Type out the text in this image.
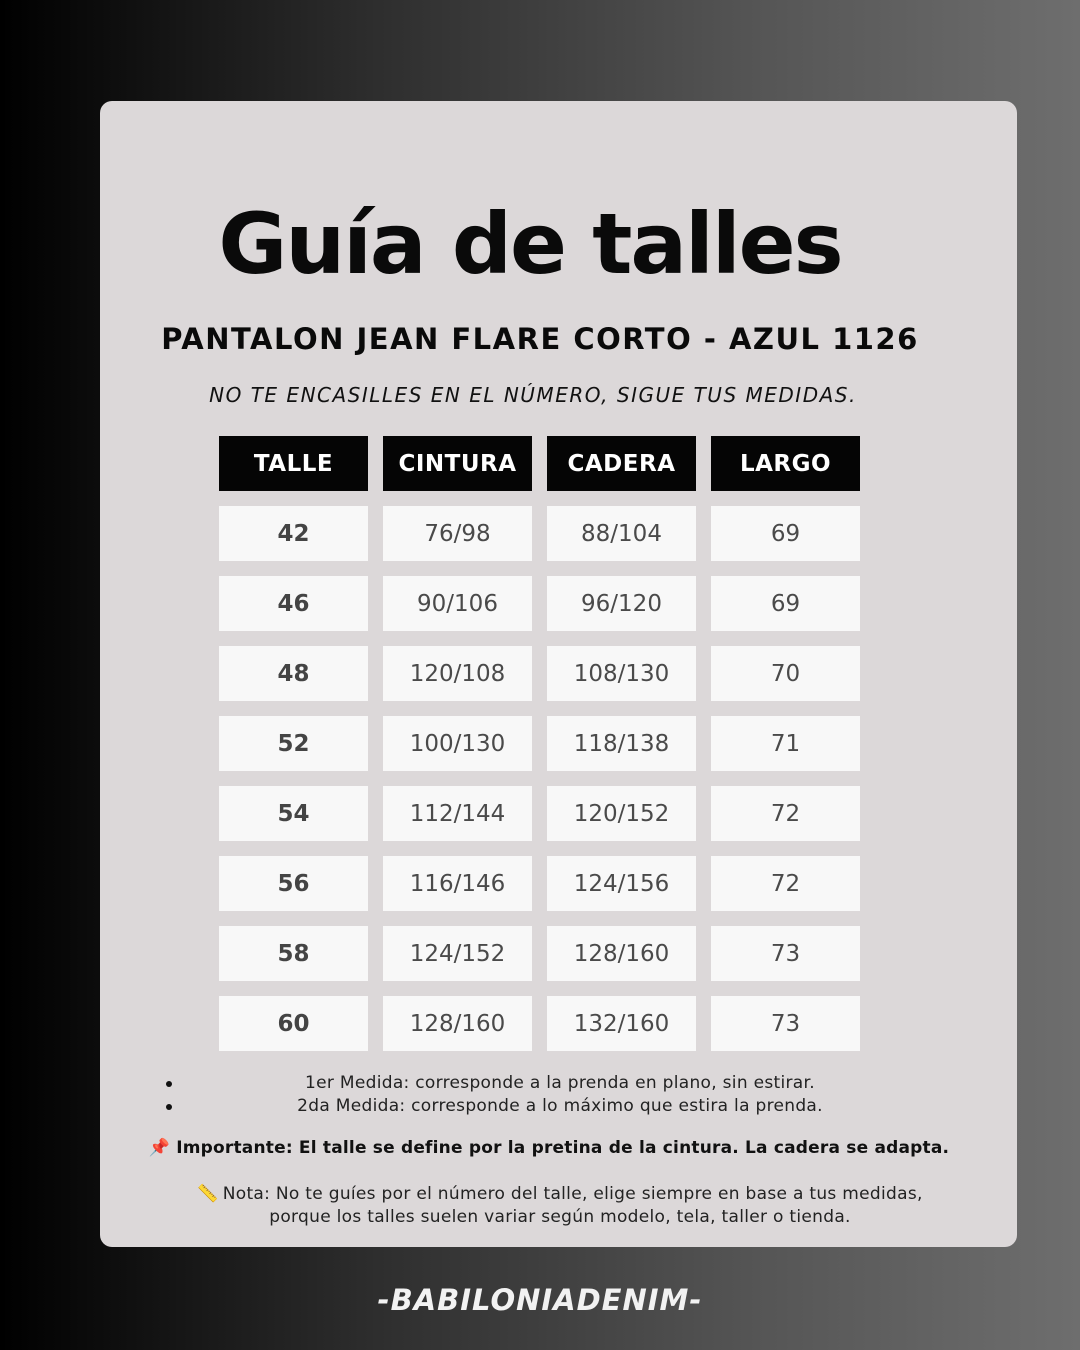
Guía de talles
PANTALON JEAN FLARE CORTO - AZUL 1126

NO TE ENCASILLES EN EL NÚMERO, SIGUE TUS MEDIDAS.

TALLE	CINTURA	CADERA	LARGO
42	76/98	88/104	69
46	90/106	96/120	69
48	120/108	108/130	70
52	100/130	118/138	71
54	112/144	120/152	72
56	116/146	124/156	72
58	124/152	128/160	73
60	128/160	132/160	73
1er Medida: corresponde a la prenda en plano, sin estirar.
2da Medida: corresponde a lo máximo que estira la prenda.

📌 Importante: El talle se define por la pretina de la cintura. La cadera se adapta.

📏 Nota: No te guíes por el número del talle, elige siempre en base a tus medidas,
porque los talles suelen variar según modelo, tela, taller o tienda.

-BABILONIADENIM-
